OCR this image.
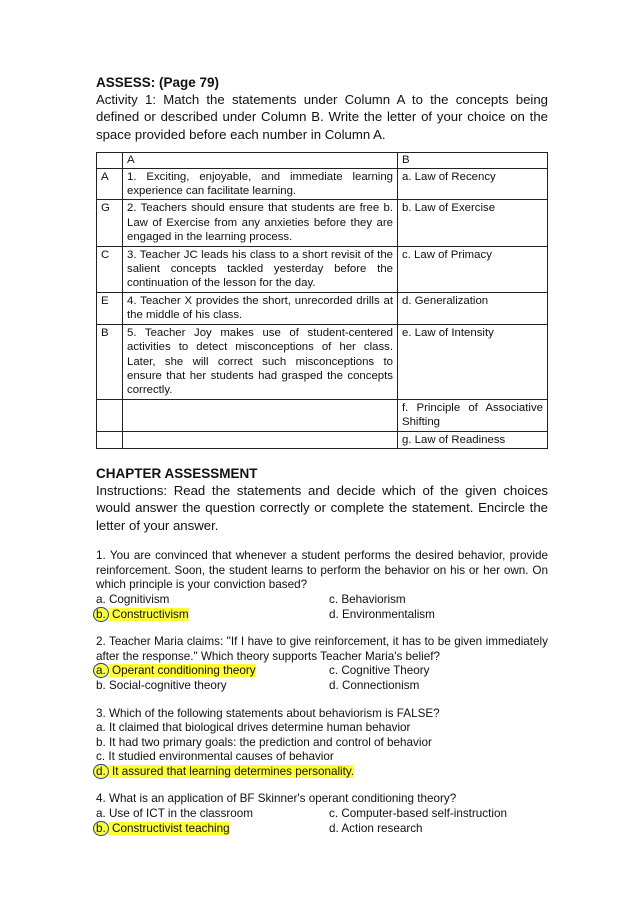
ASSESS: (Page 79)

Activity 1: Match the statements under Column A to the concepts being defined or described under Column B. Write the letter of your choice on the space provided before each number in Column A.

	A	B
A	1. Exciting, enjoyable, and immediate learning experience can facilitate learning.	a. Law of Recency
G	2. Teachers should ensure that students are free b. Law of Exercise from any anxieties before they are engaged in the learning process.	b. Law of Exercise
C	3. Teacher JC leads his class to a short revisit of the salient concepts tackled yesterday before the continuation of the lesson for the day.	c. Law of Primacy
E	4. Teacher X provides the short, unrecorded drills at the middle of his class.	d. Generalization
B	5. Teacher Joy makes use of student-centered activities to detect misconceptions of her class. Later, she will correct such misconceptions to ensure that her students had grasped the concepts correctly.	e. Law of Intensity
		f. Principle of Associative Shifting
		g. Law of Readiness

CHAPTER ASSESSMENT

Instructions: Read the statements and decide which of the given choices would answer the question correctly or complete the statement. Encircle the letter of your answer.

1. You are convinced that whenever a student performs the desired behavior, provide reinforcement. Soon, the student learns to perform the behavior on his or her own. On which principle is your conviction based?
a. Cognitivism	c. Behaviorism
b. Constructivism	d. Environmentalism
2. Teacher Maria claims: "If I have to give reinforcement, it has to be given immediately after the response." Which theory supports Teacher Maria's belief?
a. Operant conditioning theory	c. Cognitive Theory
b. Social-cognitive theory	d. Connectionism
3. Which of the following statements about behaviorism is FALSE?
a. It claimed that biological drives determine human behavior
b. It had two primary goals: the prediction and control of behavior
c. It studied environmental causes of behavior
d. It assured that learning determines personality.
4. What is an application of BF Skinner's operant conditioning theory?
a. Use of ICT in the classroom	c. Computer-based self-instruction
b. Constructivist teaching	d. Action research
